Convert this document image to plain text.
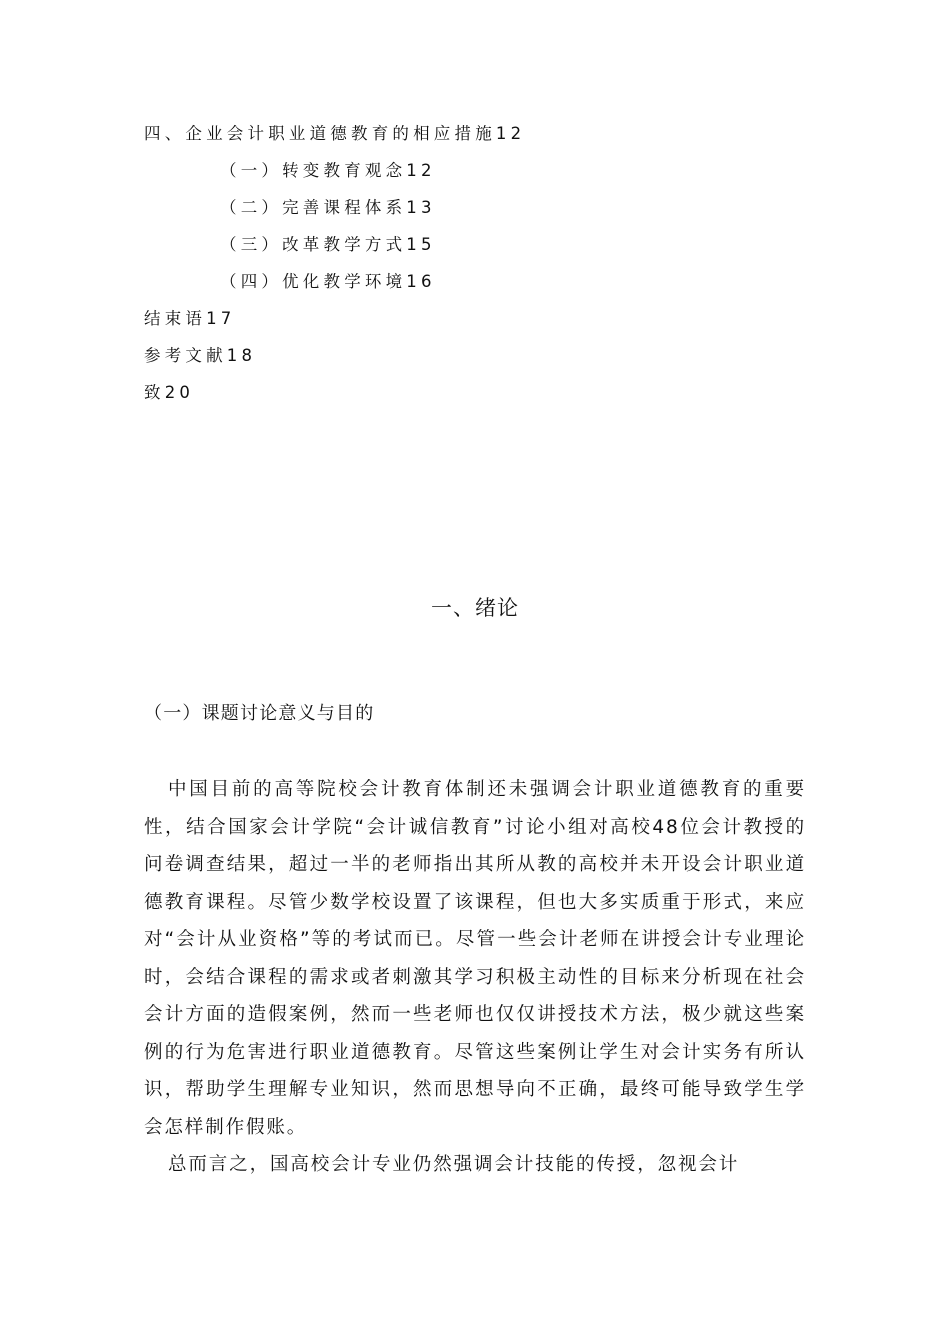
四、企业会计职业道德教育的相应措施12
（一）转变教育观念12
（二）完善课程体系13
（三）改革教学方式15
（四）优化教学环境16
结束语17
参考文献18
致20
一、绪论
（一）课题讨论意义与目的

中国目前的高等院校会计教育体制还未强调会计职业道德教育的重要性，结合国家会计学院“会计诚信教育”讨论小组对高校48位会计教授的问卷调查结果，超过一半的老师指出其所从教的高校并未开设会计职业道德教育课程。尽管少数学校设置了该课程，但也大多实质重于形式，来应对“会计从业资格”等的考试而已。尽管一些会计老师在讲授会计专业理论时，会结合课程的需求或者刺激其学习积极主动性的目标来分析现在社会会计方面的造假案例，然而一些老师也仅仅讲授技术方法，极少就这些案例的行为危害进行职业道德教育。尽管这些案例让学生对会计实务有所认识，帮助学生理解专业知识，然而思想导向不正确，最终可能导致学生学会怎样制作假账。

总而言之，国高校会计专业仍然强调会计技能的传授，忽视会计
